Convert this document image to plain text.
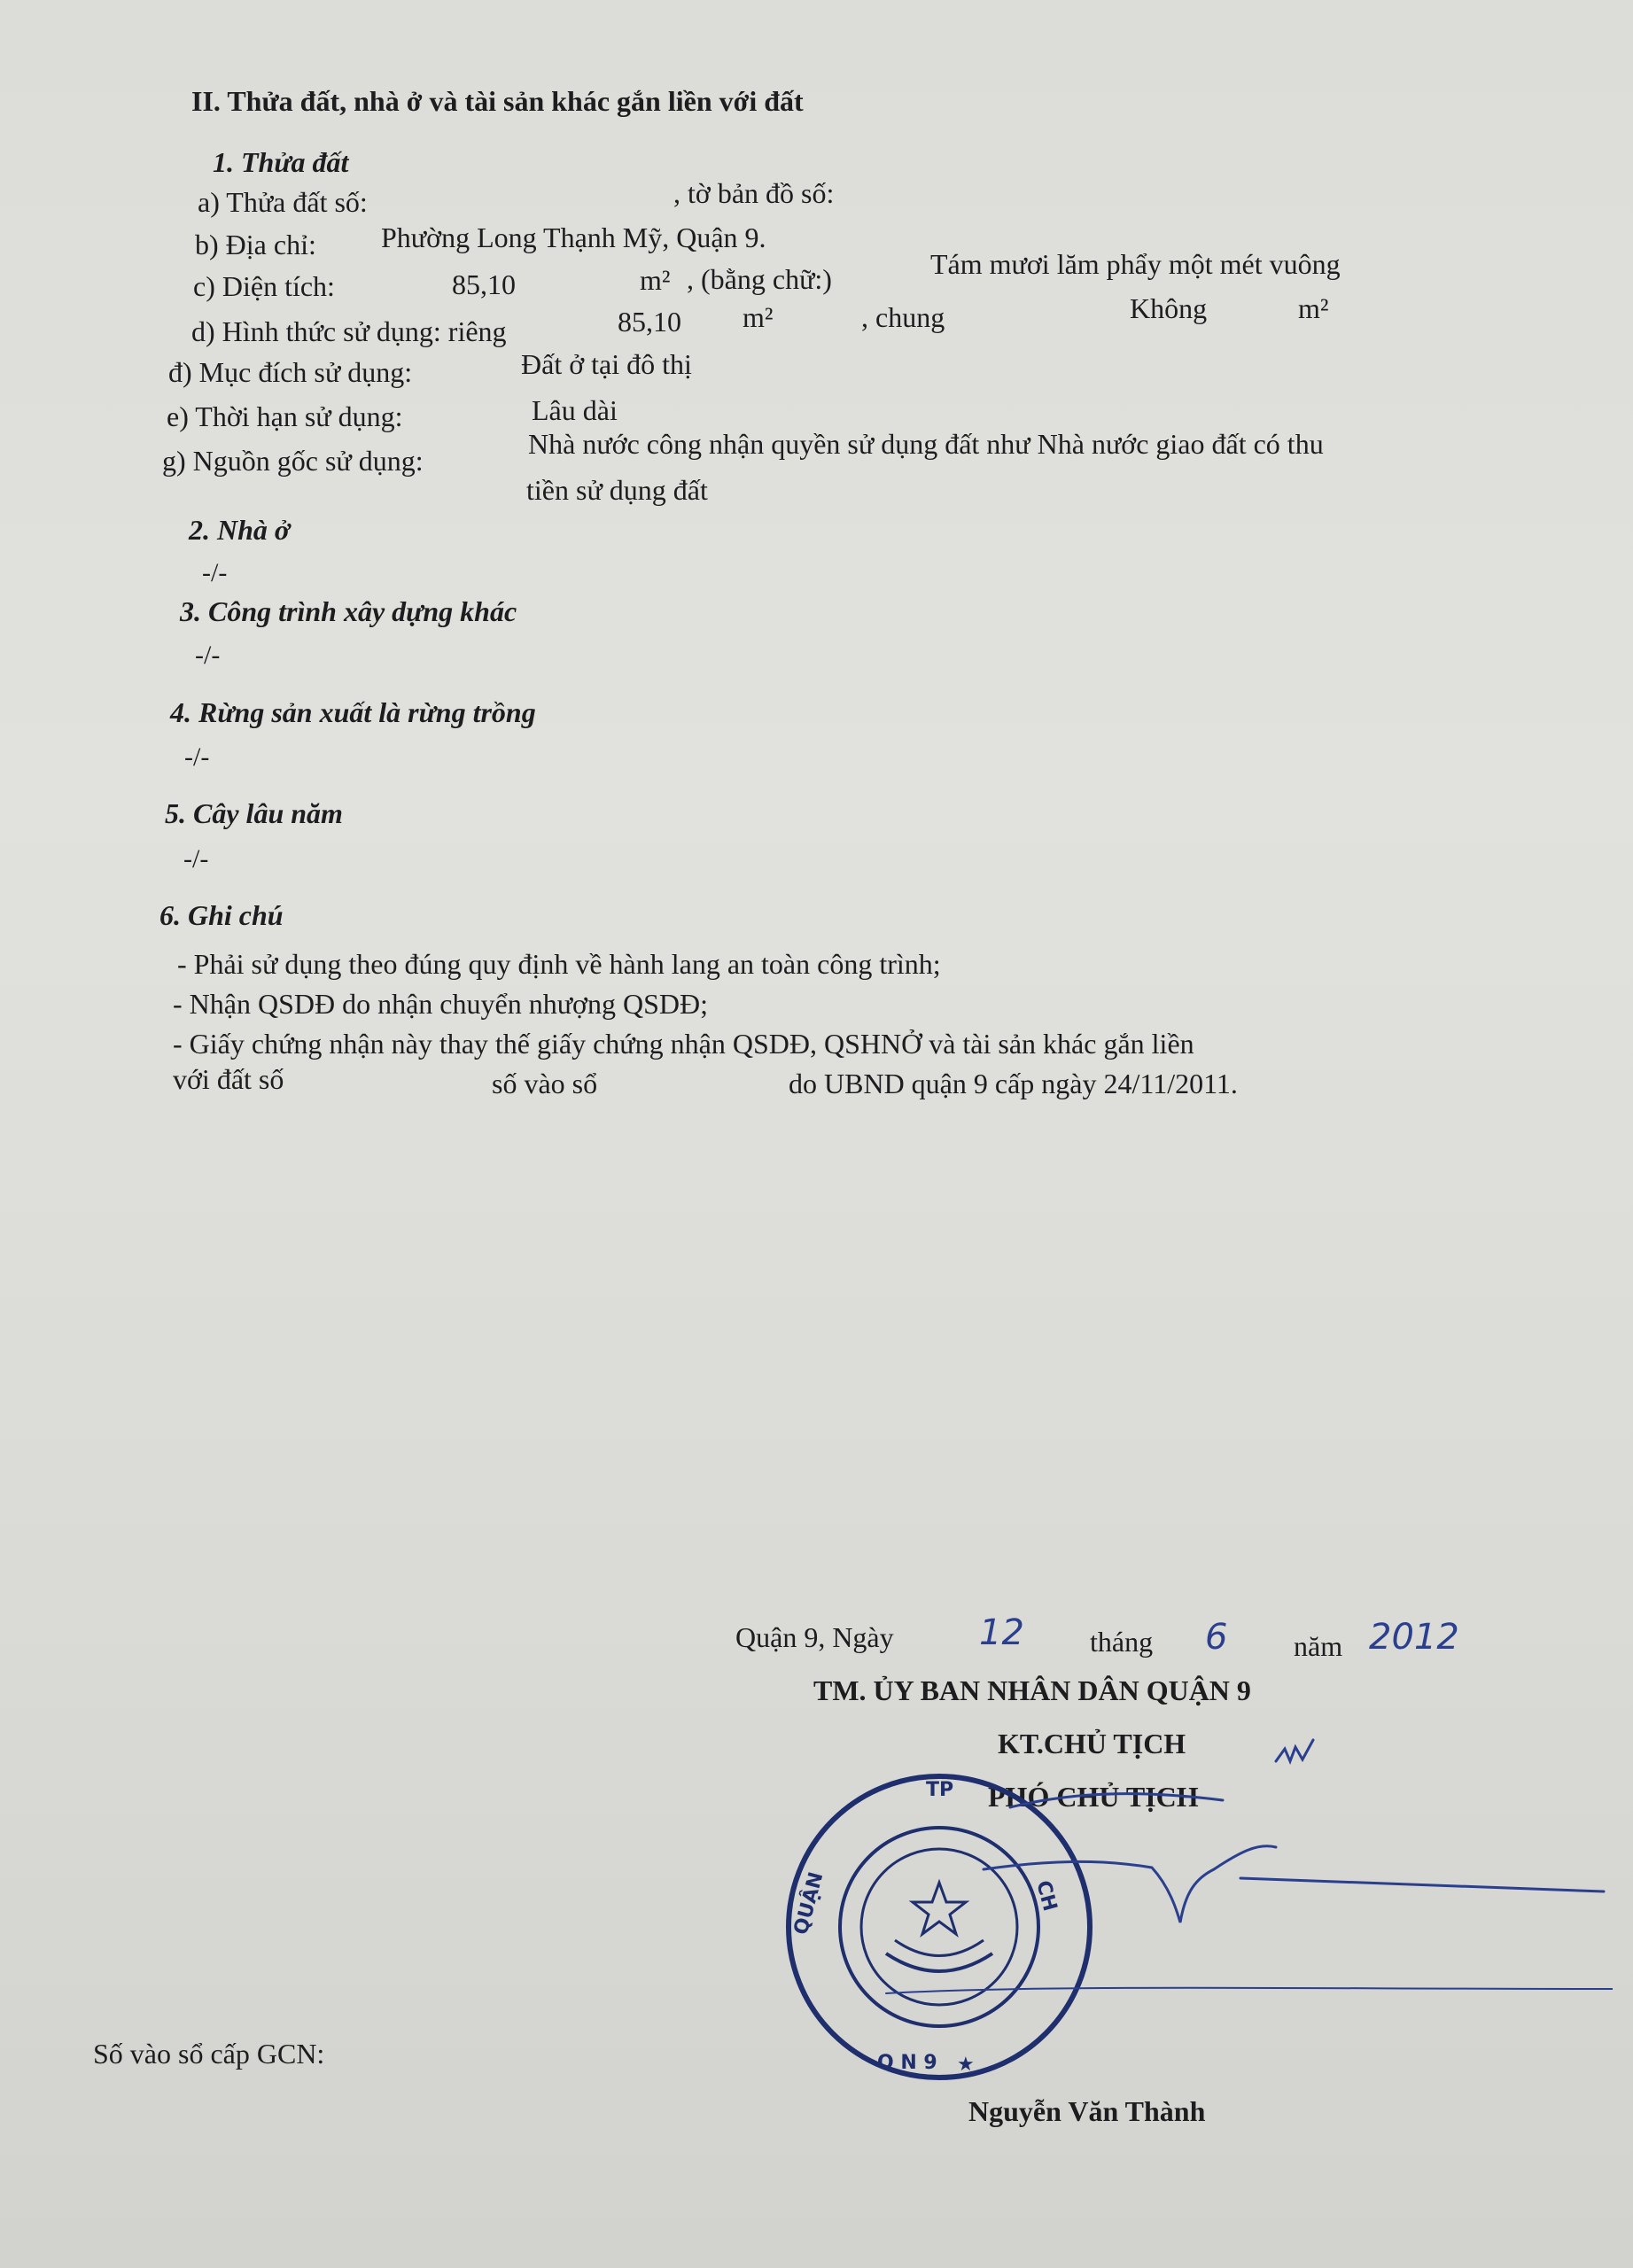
II. Thửa đất, nhà ở và tài sản khác gắn liền với đất
1. Thửa đất
a) Thửa đất số:	, tờ bản đồ số:
b) Địa chỉ: Phường Long Thạnh Mỹ, Quận 9.
c) Diện tích:	85,10	m² , (bằng chữ:)	Tám mươi lăm phẩy một mét vuông
d) Hình thức sử dụng: riêng	85,10 m²	, chung	Không	m²
đ) Mục đích sử dụng:	Đất ở tại đô thị
e) Thời hạn sử dụng:	Lâu dài
g) Nguồn gốc sử dụng:
Nhà nước công nhận quyền sử dụng đất như Nhà nước giao đất có thu
tiền sử dụng đất
2. Nhà ở
-/-
3. Công trình xây dựng khác
-/-
4. Rừng sản xuất là rừng trồng
-/-
5. Cây lâu năm
-/-
6. Ghi chú
- Phải sử dụng theo đúng quy định về hành lang an toàn công trình;
- Nhận QSDĐ do nhận chuyển nhượng QSDĐ;
- Giấy chứng nhận này thay thế giấy chứng nhận QSDĐ, QSHNỞ và tài sản khác gắn liền
với đất số	số vào sổ	do UBND quận 9 cấp ngày 24/11/2011.
Quận 9, Ngày 12 tháng 6 năm 2012
TM. ỦY BAN NHÂN DÂN QUẬN 9
KT.CHỦ TỊCH
PHÓ CHỦ TỊCH
TP
QUẬN	CH
Q N 9 ★
Số vào sổ cấp GCN:
Nguyễn Văn Thành
